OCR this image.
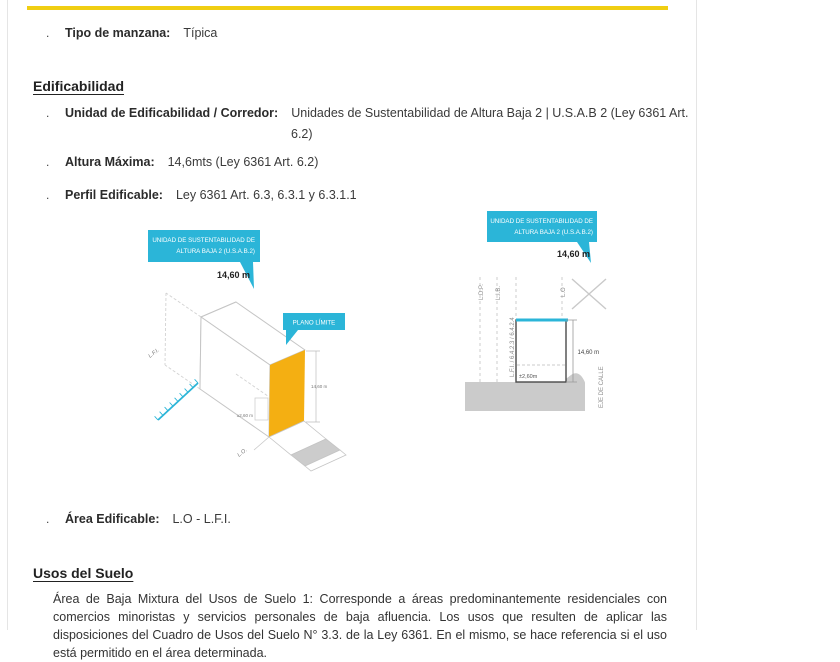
. Tipo de manzana: Típica
Edificabilidad
. Unidad de Edificabilidad / Corredor: Unidades de Sustentabilidad de Altura Baja 2 | U.S.A.B 2 (Ley 6361 Art.
6.2)
. Altura Máxima: 14,6mts (Ley 6361 Art. 6.2)
. Perfil Edificable: Ley 6361 Art. 6.3, 6.3.1 y 6.3.1.1
14,60 m
±2,60 m
L.F.I.
L.O.
PLANO LÍMITE
UNIDAD DE SUSTENTABILIDAD DE
ALTURA BAJA 2 (U.S.A.B.2)
14,60 m
L.D.P. L.I.B.
L.F.I. / 6.4.2.3 / 6.4.2.4
L.O
EJE DE CALLE
±2,60m
14,60 m
UNIDAD DE SUSTENTABILIDAD DE
ALTURA BAJA 2 (U.S.A.B.2)
14,60 m
. Área Edificable: L.O - L.F.I.
Usos del Suelo
Área de Baja Mixtura del Usos de Suelo 1: Corresponde a áreas predominantemente residenciales con comercios minoristas y servicios personales de baja afluencia. Los usos que resulten de aplicar las disposiciones del Cuadro de Usos del Suelo N° 3.3. de la Ley 6361. En el mismo, se hace referencia si el uso está permitido en el área determinada.
